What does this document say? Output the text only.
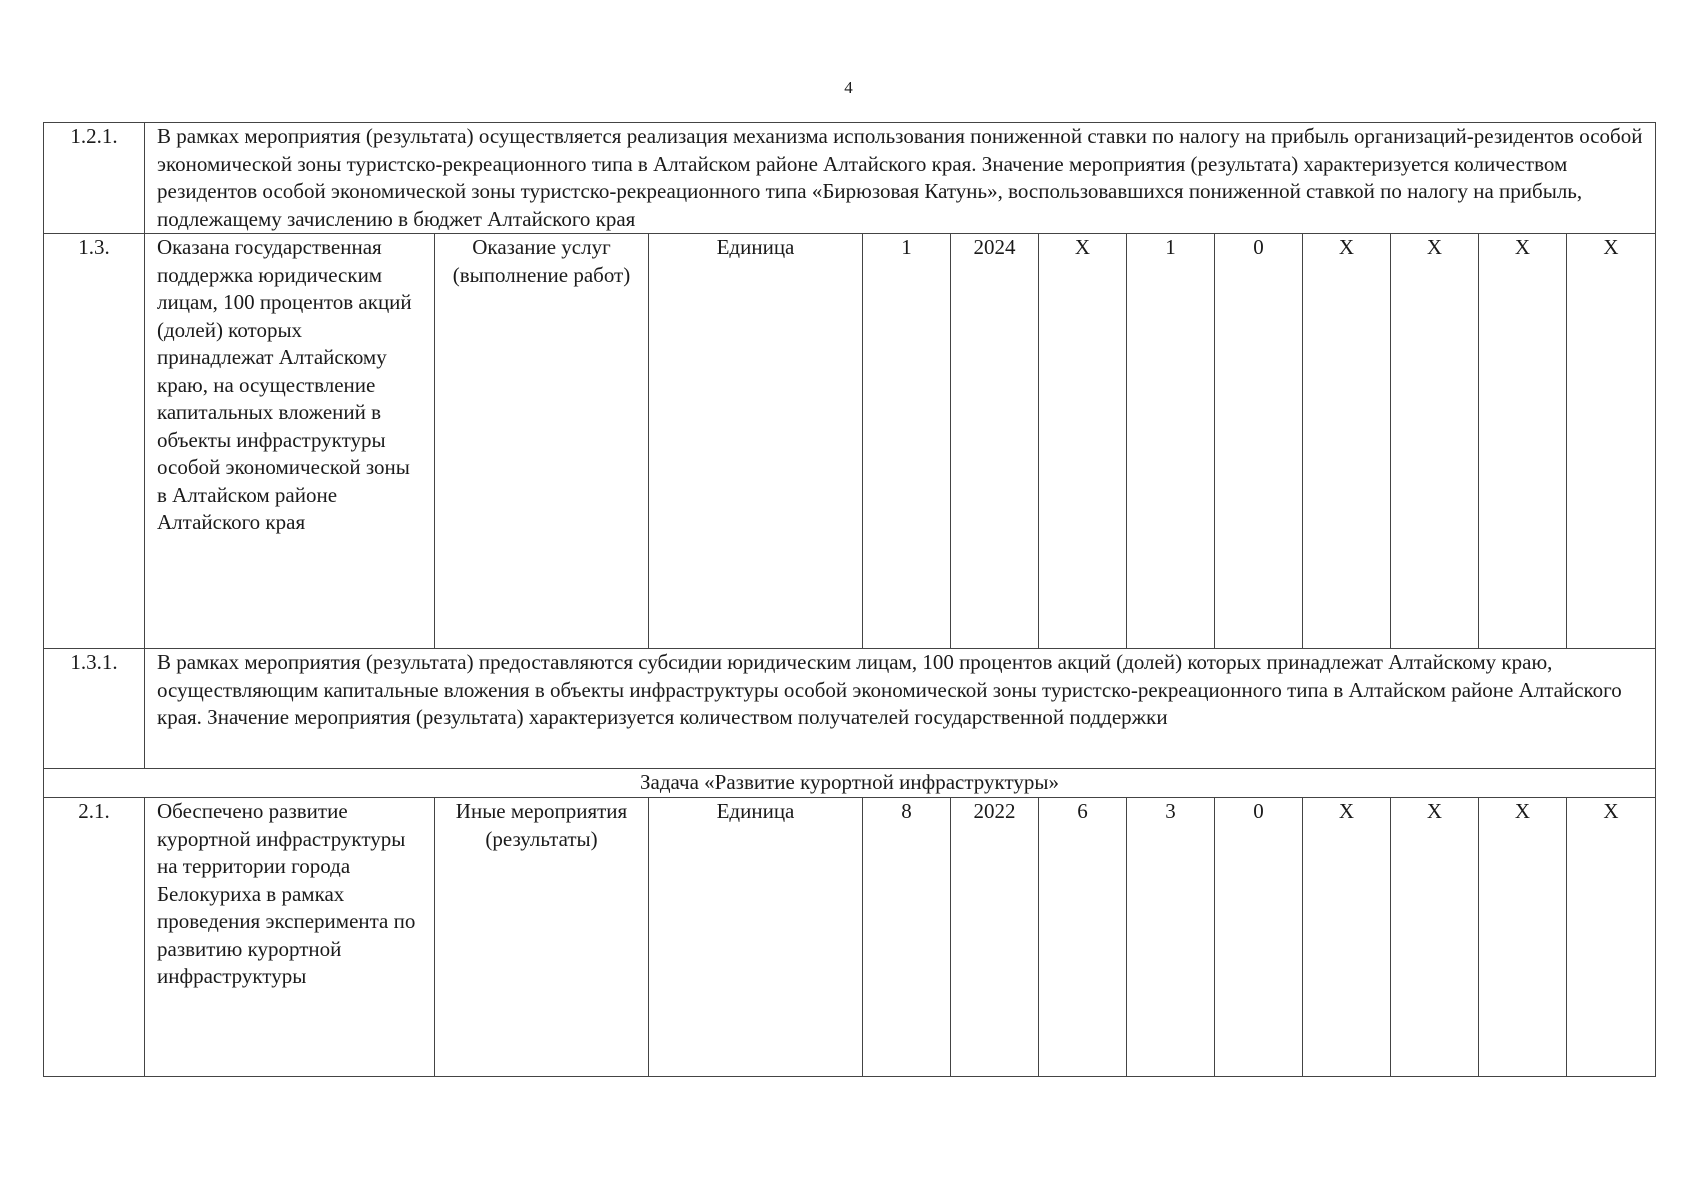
4
1.2.1.	В рамках мероприятия (результата) осуществляется реализация механизма использования пониженной ставки по налогу на прибыль организаций-резидентов особой экономической зоны туристско-рекреационного типа в Алтайском районе Алтайского края. Значение мероприятия (результата) характеризуется количеством резидентов особой экономической зоны туристско-рекреационного типа «Бирюзовая Катунь», воспользовавшихся пониженной ставкой по налогу на прибыль, подлежащему зачислению в бюджет Алтайского края											
1.3.	Оказана государственная поддержка юридическим лицам, 100 процентов акций (долей) которых принадлежат Алтайскому краю, на осуществление капитальных вложений в объекты инфраструктуры особой экономической зоны в Алтайском районе Алтайского края	Оказание услуг (выполнение работ)	Единица	1	2024	X	1	0	X	X	X	X
1.3.1.	В рамках мероприятия (результата) предоставляются субсидии юридическим лицам, 100 процентов акций (долей) которых принадлежат Алтайскому краю, осуществляющим капитальные вложения в объекты инфраструктуры особой экономической зоны туристско-рекреационного типа в Алтайском районе Алтайского края. Значение мероприятия (результата) характеризуется количеством получателей государственной поддержки											
Задача «Развитие курортной инфраструктуры»												
2.1.	Обеспечено развитие курортной инфраструктуры на территории города Белокуриха в рамках проведения эксперимента по развитию курортной инфраструктуры	Иные мероприятия (результаты)	Единица	8	2022	6	3	0	X	X	X	X
